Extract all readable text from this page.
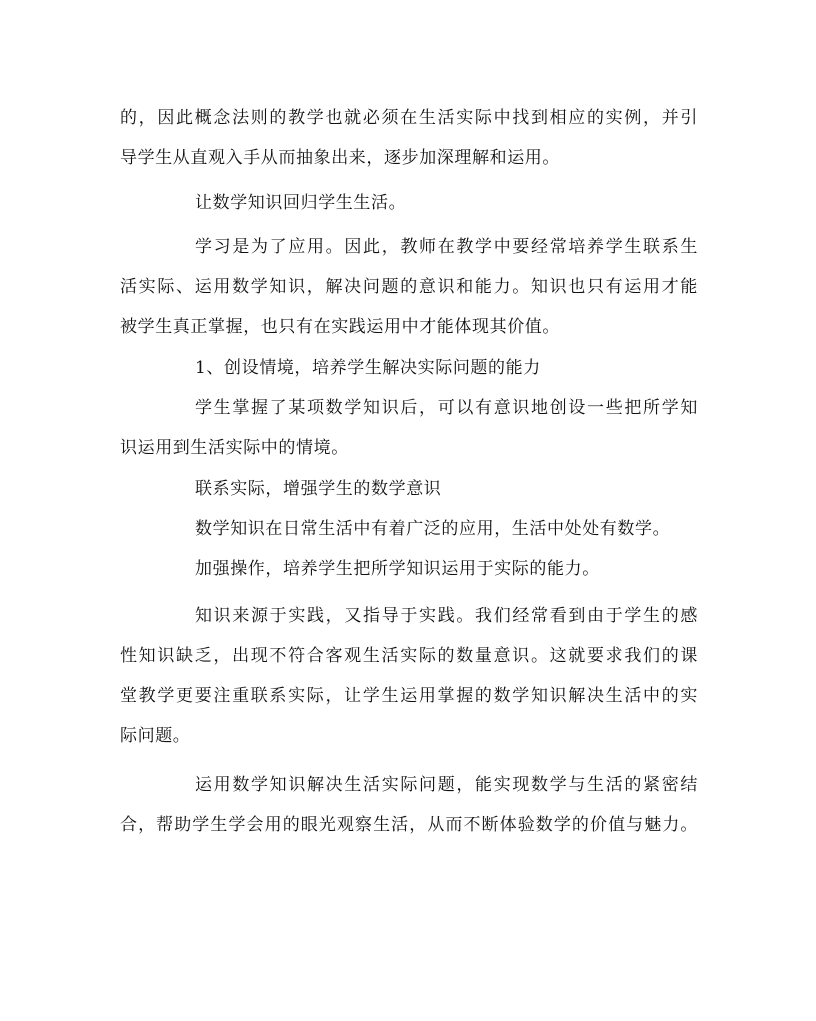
的，因此概念法则的教学也就必须在生活实际中找到相应的实例，并引
导学生从直观入手从而抽象出来，逐步加深理解和运用。

让数学知识回归学生生活。

学习是为了应用。因此，教师在教学中要经常培养学生联系生
活实际、运用数学知识，解决问题的意识和能力。知识也只有运用才能
被学生真正掌握，也只有在实践运用中才能体现其价值。

1、创设情境，培养学生解决实际问题的能力

学生掌握了某项数学知识后，可以有意识地创设一些把所学知
识运用到生活实际中的情境。

联系实际，增强学生的数学意识

数学知识在日常生活中有着广泛的应用，生活中处处有数学。

加强操作，培养学生把所学知识运用于实际的能力。

知识来源于实践，又指导于实践。我们经常看到由于学生的感
性知识缺乏，出现不符合客观生活实际的数量意识。这就要求我们的课
堂教学更要注重联系实际，让学生运用掌握的数学知识解决生活中的实
际问题。

运用数学知识解决生活实际问题，能实现数学与生活的紧密结
合，帮助学生学会用的眼光观察生活，从而不断体验数学的价值与魅力。
